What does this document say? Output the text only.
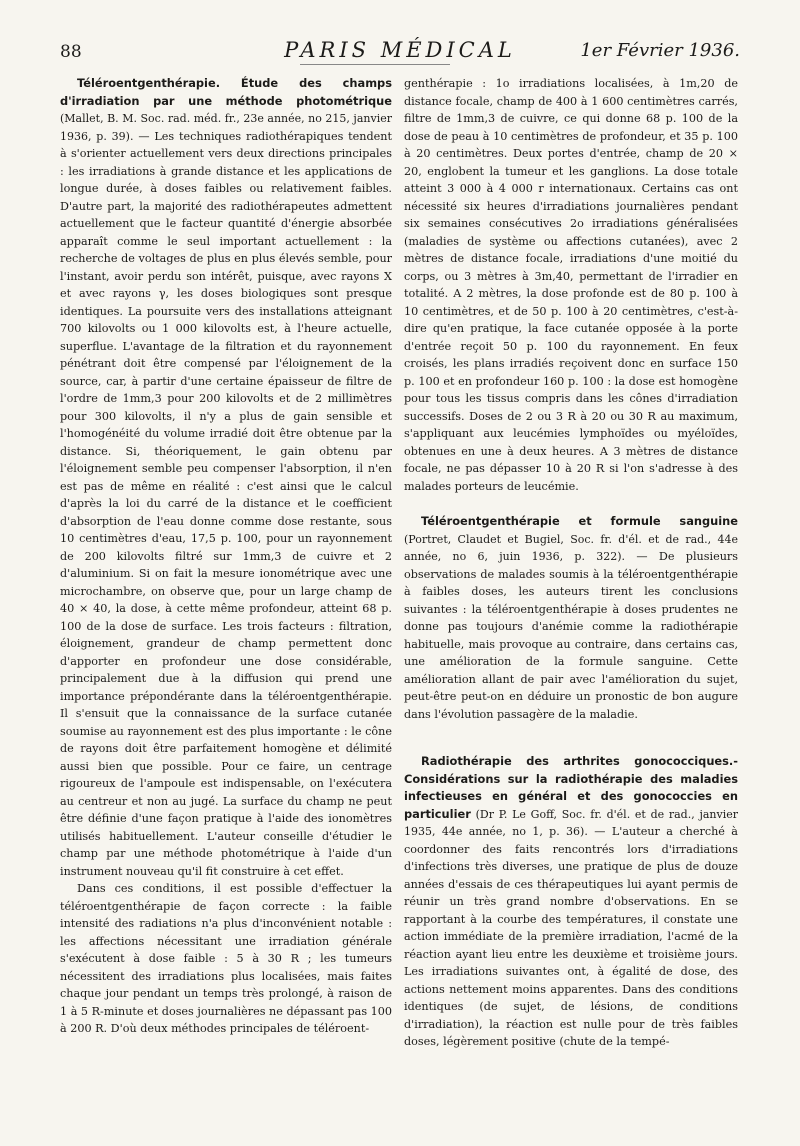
88	PARIS MÉDICAL	1er Février 1936.

Téléroentgenthérapie. Étude des champs d'irradiation par une méthode photométrique (Mallet, B. M. Soc. rad. méd. fr., 23e année, no 215, janvier 1936, p. 39). — Les techniques radiothérapiques tendent à s'orienter actuellement vers deux directions principales : les irradiations à grande distance et les applications de longue durée, à doses faibles ou relativement faibles. D'autre part, la majorité des radiothérapeutes admettent actuellement que le facteur quantité d'énergie absorbée apparaît comme le seul important actuellement : la recherche de voltages de plus en plus élevés semble, pour l'instant, avoir perdu son intérêt, puisque, avec rayons X et avec rayons γ, les doses biologiques sont presque identiques. La poursuite vers des installations atteignant 700 kilovolts ou 1 000 kilovolts est, à l'heure actuelle, superflue. L'avantage de la filtration et du rayonnement pénétrant doit être compensé par l'éloignement de la source, car, à partir d'une certaine épaisseur de filtre de l'ordre de 1mm,3 pour 200 kilovolts et de 2 millimètres pour 300 kilovolts, il n'y a plus de gain sensible et l'homogénéité du volume irradié doit être obtenue par la distance. Si, théoriquement, le gain obtenu par l'éloignement semble peu compenser l'absorption, il n'en est pas de même en réalité : c'est ainsi que le calcul d'après la loi du carré de la distance et le coefficient d'absorption de l'eau donne comme dose restante, sous 10 centimètres d'eau, 17,5 p. 100, pour un rayonnement de 200 kilovolts filtré sur 1mm,3 de cuivre et 2 d'aluminium. Si on fait la mesure ionométrique avec une microchambre, on observe que, pour un large champ de 40 × 40, la dose, à cette même profondeur, atteint 68 p. 100 de la dose de surface. Les trois facteurs : filtration, éloignement, grandeur de champ permettent donc d'apporter en profondeur une dose considérable, principalement due à la diffusion qui prend une importance prépondérante dans la téléroentgenthérapie. Il s'ensuit que la connaissance de la surface cutanée soumise au rayonnement est des plus importante : le cône de rayons doit être parfaitement homogène et délimité aussi bien que possible. Pour ce faire, un centrage rigoureux de l'ampoule est indispensable, on l'exécutera au centreur et non au jugé. La surface du champ ne peut être définie d'une façon pratique à l'aide des ionomètres utilisés habituellement. L'auteur conseille d'étudier le champ par une méthode photométrique à l'aide d'un instrument nouveau qu'il fit construire à cet effet.

Dans ces conditions, il est possible d'effectuer la téléroentgenthérapie de façon correcte : la faible intensité des radiations n'a plus d'inconvénient notable : les affections nécessitant une irradiation générale s'exécutent à dose faible : 5 à 30 R ; les tumeurs nécessitent des irradiations plus localisées, mais faites chaque jour pendant un temps très prolongé, à raison de 1 à 5 R-minute et doses journalières ne dépassant pas 100 à 200 R. D'où deux méthodes principales de téléroent-

genthérapie : 1o irradiations localisées, à 1m,20 de distance focale, champ de 400 à 1 600 centimètres carrés, filtre de 1mm,3 de cuivre, ce qui donne 68 p. 100 de la dose de peau à 10 centimètres de profondeur, et 35 p. 100 à 20 centimètres. Deux portes d'entrée, champ de 20 × 20, englobent la tumeur et les ganglions. La dose totale atteint 3 000 à 4 000 r internationaux. Certains cas ont nécessité six heures d'irradiations journalières pendant six semaines consécutives 2o irradiations généralisées (maladies de système ou affections cutanées), avec 2 mètres de distance focale, irradiations d'une moitié du corps, ou 3 mètres à 3m,40, permettant de l'irradier en totalité. A 2 mètres, la dose profonde est de 80 p. 100 à 10 centimètres, et de 50 p. 100 à 20 centimètres, c'est-à-dire qu'en pratique, la face cutanée opposée à la porte d'entrée reçoit 50 p. 100 du rayonnement. En feux croisés, les plans irradiés reçoivent donc en surface 150 p. 100 et en profondeur 160 p. 100 : la dose est homogène pour tous les tissus compris dans les cônes d'irradiation successifs. Doses de 2 ou 3 R à 20 ou 30 R au maximum, s'appliquant aux leucémies lymphoïdes ou myéloïdes, obtenues en une à deux heures. A 3 mètres de distance focale, ne pas dépasser 10 à 20 R si l'on s'adresse à des malades porteurs de leucémie.

Téléroentgenthérapie et formule sanguine (Portret, Claudet et Bugiel, Soc. fr. d'él. et de rad., 44e année, no 6, juin 1936, p. 322). — De plusieurs observations de malades soumis à la téléroentgenthérapie à faibles doses, les auteurs tirent les conclusions suivantes : la téléroentgenthérapie à doses prudentes ne donne pas toujours d'anémie comme la radiothérapie habituelle, mais provoque au contraire, dans certains cas, une amélioration de la formule sanguine. Cette amélioration allant de pair avec l'amélioration du sujet, peut-être peut-on en déduire un pronostic de bon augure dans l'évolution passagère de la maladie.

Radiothérapie des arthrites gonococciques.- Considérations sur la radiothérapie des maladies infectieuses en général et des gonococcies en particulier (Dr P. Le Goff, Soc. fr. d'él. et de rad., janvier 1935, 44e année, no 1, p. 36). — L'auteur a cherché à coordonner des faits rencontrés lors d'irradiations d'infections très diverses, une pratique de plus de douze années d'essais de ces thérapeutiques lui ayant permis de réunir un très grand nombre d'observations. En se rapportant à la courbe des températures, il constate une action immédiate de la première irradiation, l'acmé de la réaction ayant lieu entre les deuxième et troisième jours. Les irradiations suivantes ont, à égalité de dose, des actions nettement moins apparentes. Dans des conditions identiques (de sujet, de lésions, de conditions d'irradiation), la réaction est nulle pour de très faibles doses, légèrement positive (chute de la tempé-
